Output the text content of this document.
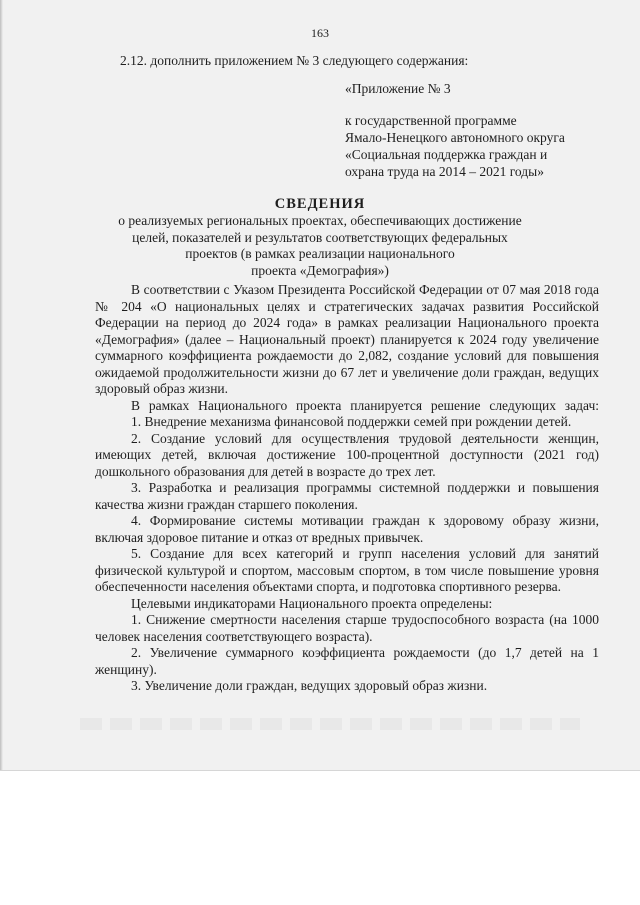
163
2.12. дополнить приложением № 3 следующего содержания:
«Приложение № 3
к государственной программе
Ямало-Ненецкого автономного округа
«Социальная поддержка граждан и
охрана труда на 2014 – 2021 годы»
СВЕДЕНИЯ
о реализуемых региональных проектах, обеспечивающих достижение
целей, показателей и результатов соответствующих федеральных
проектов (в рамках реализации национального
проекта «Демография»)

В соответствии с Указом Президента Российской Федерации от 07 мая 2018 года № 204 «О национальных целях и стратегических задачах развития Российской Федерации на период до 2024 года» в рамках реализации Национального проекта «Демография» (далее – Национальный проект) планируется к 2024 году увеличение суммарного коэффициента рождаемости до 2,082, создание условий для повышения ожидаемой продолжительности жизни до 67 лет и увеличение доли граждан, ведущих здоровый образ жизни.

В рамках Национального проекта планируется решение следующих задач:

1. Внедрение механизма финансовой поддержки семей при рождении детей.

2. Создание условий для осуществления трудовой деятельности женщин, имеющих детей, включая достижение 100-процентной доступности (2021 год) дошкольного образования для детей в возрасте до трех лет.

3. Разработка и реализация программы системной поддержки и повышения качества жизни граждан старшего поколения.

4. Формирование системы мотивации граждан к здоровому образу жизни, включая здоровое питание и отказ от вредных привычек.

5. Создание для всех категорий и групп населения условий для занятий физической культурой и спортом, массовым спортом, в том числе повышение уровня обеспеченности населения объектами спорта, и подготовка спортивного резерва.

Целевыми индикаторами Национального проекта определены:

1. Снижение смертности населения старше трудоспособного возраста (на 1000 человек населения соответствующего возраста).

2. Увеличение суммарного коэффициента рождаемости (до 1,7 детей на 1 женщину).

3. Увеличение доли граждан, ведущих здоровый образ жизни.
